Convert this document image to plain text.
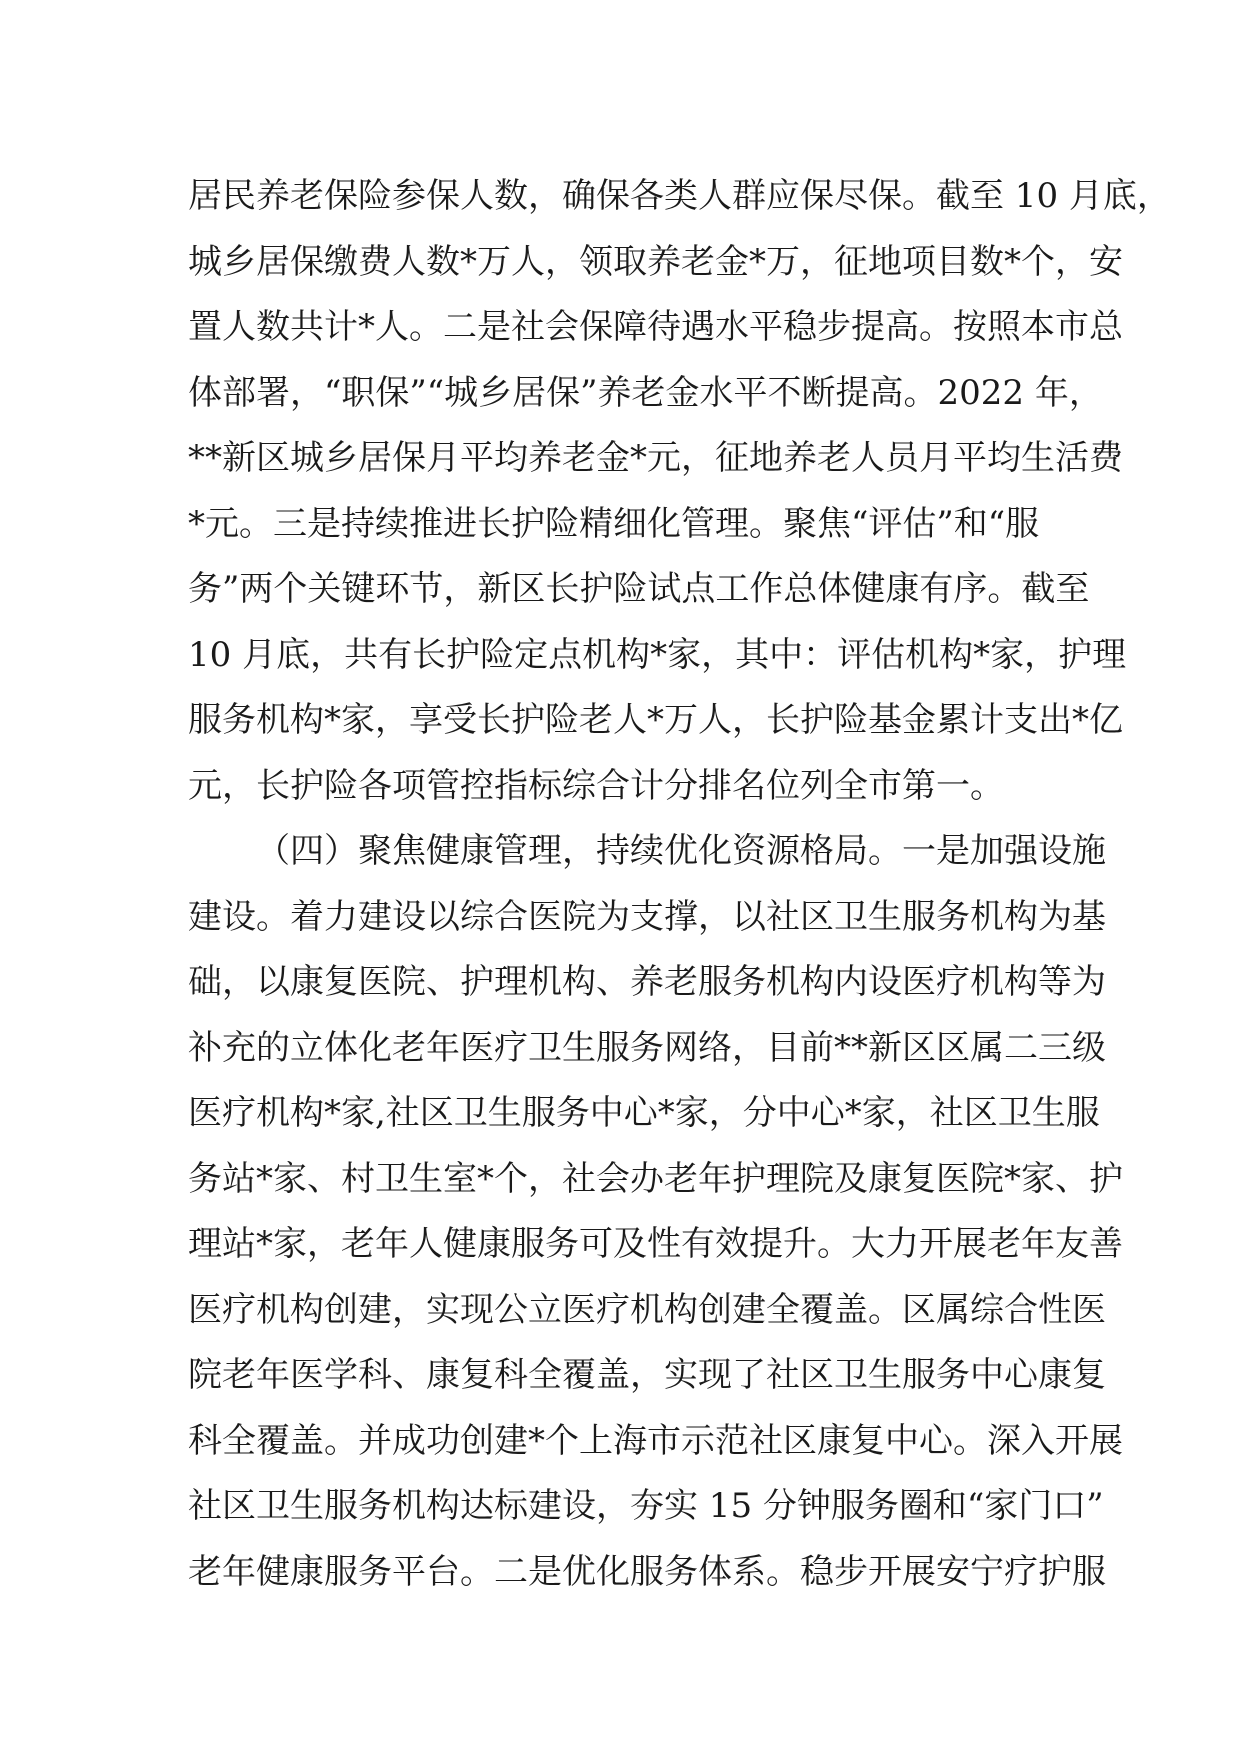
居民养老保险参保人数，确保各类人群应保尽保。截至 10 月底，
城乡居保缴费人数*万人，领取养老金*万，征地项目数*个，安
置人数共计*人。二是社会保障待遇水平稳步提高。按照本市总
体部署，“职保”“城乡居保”养老金水平不断提高。2022 年，
**新区城乡居保月平均养老金*元，征地养老人员月平均生活费
*元。三是持续推进长护险精细化管理。聚焦“评估”和“服
务”两个关键环节，新区长护险试点工作总体健康有序。截至
10 月底，共有长护险定点机构*家，其中：评估机构*家，护理
服务机构*家，享受长护险老人*万人，长护险基金累计支出*亿
元，长护险各项管控指标综合计分排名位列全市第一。
（四）聚焦健康管理，持续优化资源格局。一是加强设施
建设。着力建设以综合医院为支撑，以社区卫生服务机构为基
础，以康复医院、护理机构、养老服务机构内设医疗机构等为
补充的立体化老年医疗卫生服务网络，目前**新区区属二三级
医疗机构*家,社区卫生服务中心*家，分中心*家，社区卫生服
务站*家、村卫生室*个，社会办老年护理院及康复医院*家、护
理站*家，老年人健康服务可及性有效提升。大力开展老年友善
医疗机构创建，实现公立医疗机构创建全覆盖。区属综合性医
院老年医学科、康复科全覆盖，实现了社区卫生服务中心康复
科全覆盖。并成功创建*个上海市示范社区康复中心。深入开展
社区卫生服务机构达标建设，夯实 15 分钟服务圈和“家门口”
老年健康服务平台。二是优化服务体系。稳步开展安宁疗护服
